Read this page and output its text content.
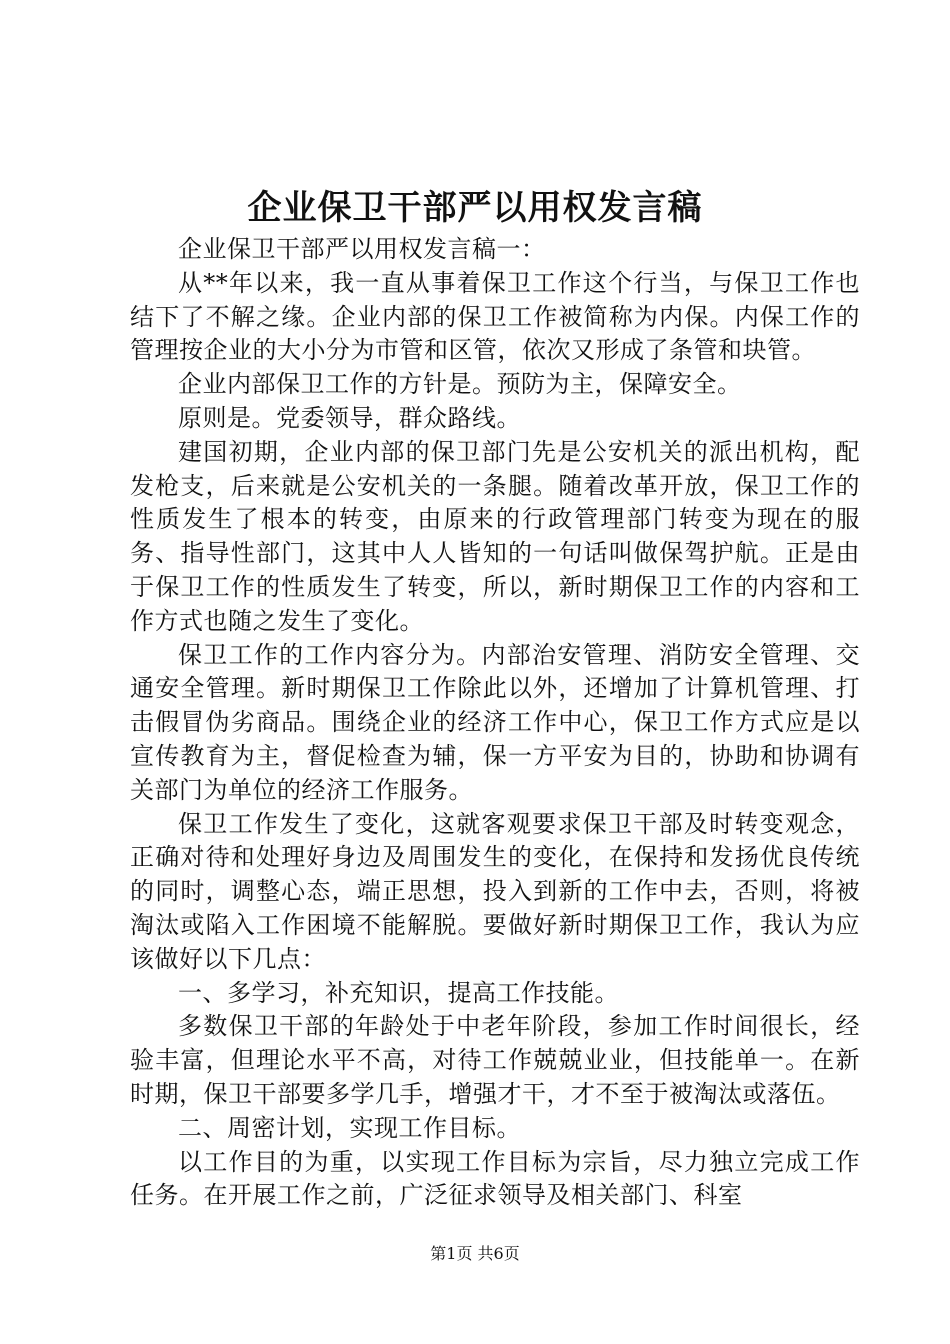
企业保卫干部严以用权发言稿

企业保卫干部严以用权发言稿一：

从**年以来，我一直从事着保卫工作这个行当，与保卫工作也结下了不解之缘。企业内部的保卫工作被简称为内保。内保工作的管理按企业的大小分为市管和区管，依次又形成了条管和块管。

企业内部保卫工作的方针是。预防为主，保障安全。

原则是。党委领导，群众路线。

建国初期，企业内部的保卫部门先是公安机关的派出机构，配发枪支，后来就是公安机关的一条腿。随着改革开放，保卫工作的性质发生了根本的转变，由原来的行政管理部门转变为现在的服务、指导性部门，这其中人人皆知的一句话叫做保驾护航。正是由于保卫工作的性质发生了转变，所以，新时期保卫工作的内容和工作方式也随之发生了变化。

保卫工作的工作内容分为。内部治安管理、消防安全管理、交通安全管理。新时期保卫工作除此以外，还增加了计算机管理、打击假冒伪劣商品。围绕企业的经济工作中心，保卫工作方式应是以宣传教育为主，督促检查为辅，保一方平安为目的，协助和协调有关部门为单位的经济工作服务。

保卫工作发生了变化，这就客观要求保卫干部及时转变观念，正确对待和处理好身边及周围发生的变化，在保持和发扬优良传统的同时，调整心态，端正思想，投入到新的工作中去，否则，将被淘汰或陷入工作困境不能解脱。要做好新时期保卫工作，我认为应该做好以下几点：

一、多学习，补充知识，提高工作技能。

多数保卫干部的年龄处于中老年阶段，参加工作时间很长，经验丰富，但理论水平不高，对待工作兢兢业业，但技能单一。在新时期，保卫干部要多学几手，增强才干，才不至于被淘汰或落伍。

二、周密计划，实现工作目标。

以工作目的为重，以实现工作目标为宗旨，尽力独立完成工作任务。在开展工作之前，广泛征求领导及相关部门、科室

第1页 共6页
